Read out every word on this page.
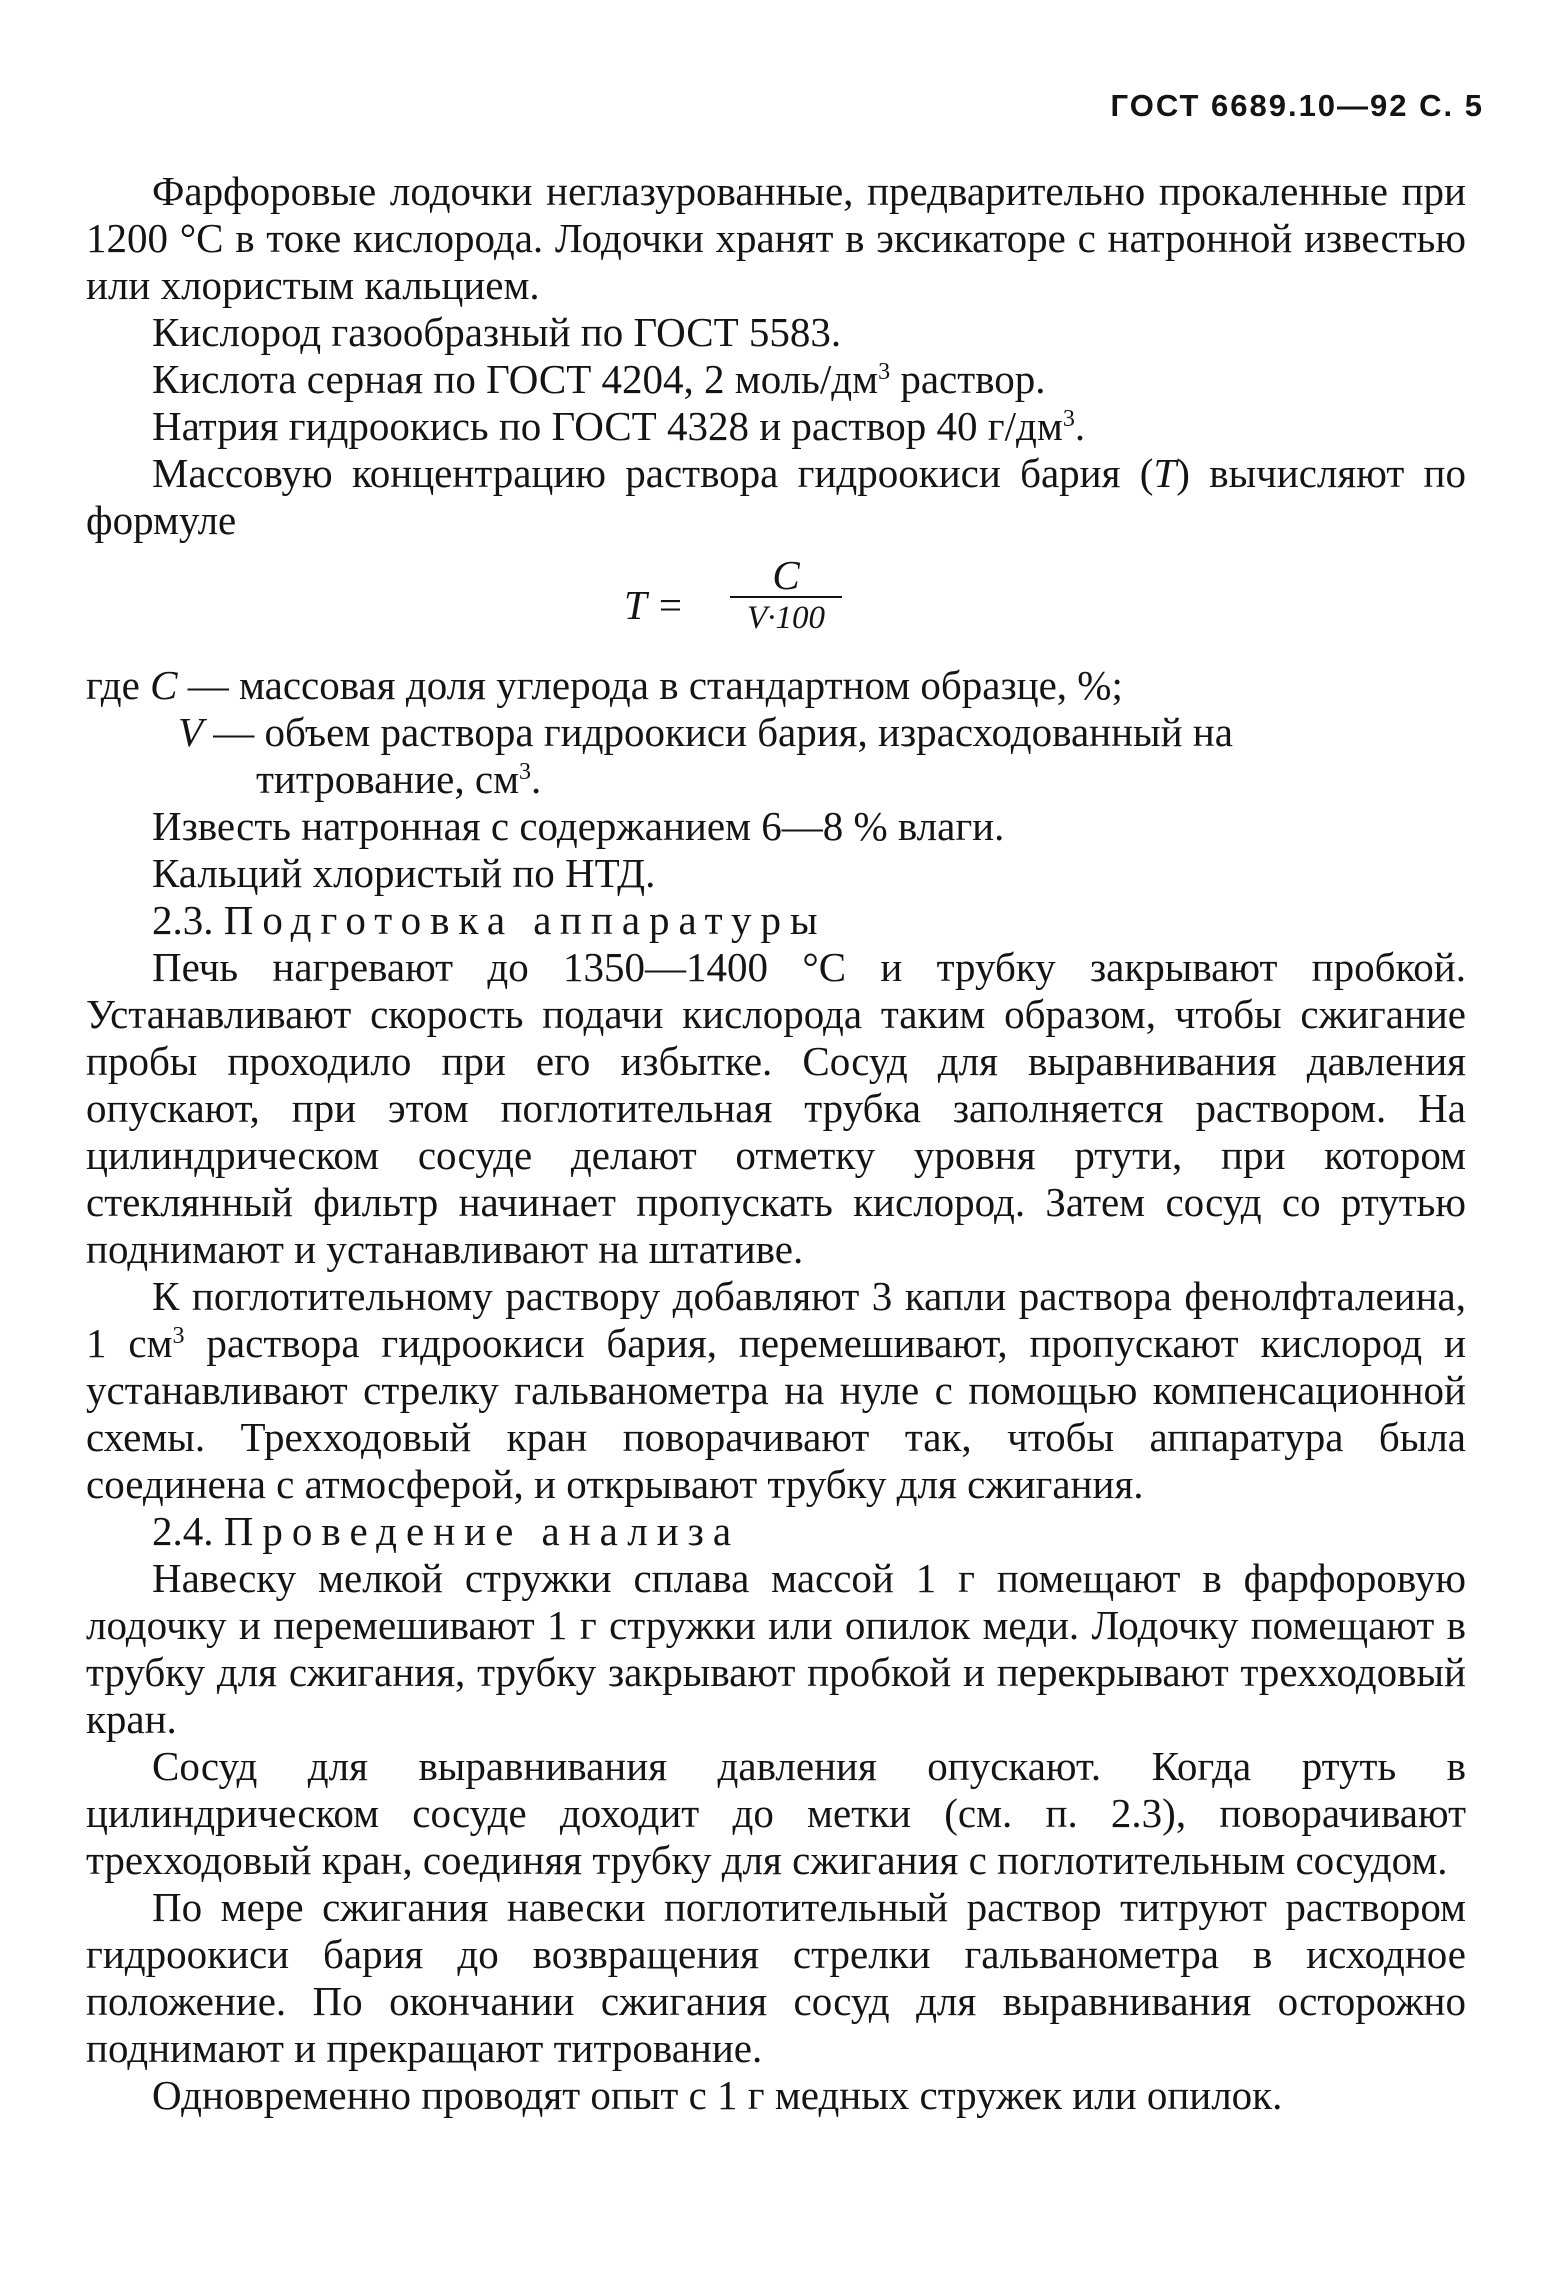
ГОСТ 6689.10—92 С. 5

Фарфоровые лодочки неглазурованные, предварительно прокаленные при 1200 °С в токе кислорода. Лодочки хранят в эксикаторе с натронной известью или хлористым кальцием.

Кислород газообразный по ГОСТ 5583.

Кислота серная по ГОСТ 4204, 2 моль/$дм^3$ раствор.

Натрия гидроокись по ГОСТ 4328 и раствор 40 $г/дм^3$.

Массовую концентрацию раствора гидроокиси бария (T) вычисляют по формуле

T =
C
V·100

где C — массовая доля углерода в стандартном образце, %;

V — объем раствора гидроокиси бария, израсходованный на

титрование, $см^3$.

Известь натронная с содержанием 6—8 % влаги.

Кальций хлористый по НТД.

2.3. Подготовка аппаратуры

Печь нагревают до 1350—1400 °С и трубку закрывают пробкой. Устанавливают скорость подачи кислорода таким образом, чтобы сжигание пробы проходило при его избытке. Сосуд для выравнивания давления опускают, при этом поглотительная трубка заполняется раствором. На цилиндрическом сосуде делают отметку уровня ртути, при котором стеклянный фильтр начинает пропускать кислород. Затем сосуд со ртутью поднимают и устанавливают на штативе.

К поглотительному раствору добавляют 3 капли раствора фенолфталеина, 1 $см^3$ раствора гидроокиси бария, перемешивают, пропускают кислород и устанавливают стрелку гальванометра на нуле с помощью компенсационной схемы. Трехходовый кран поворачивают так, чтобы аппаратура была соединена с атмосферой, и открывают трубку для сжигания.

2.4. Проведение анализа

Навеску мелкой стружки сплава массой 1 г помещают в фарфоровую лодочку и перемешивают 1 г стружки или опилок меди. Лодочку помещают в трубку для сжигания, трубку закрывают пробкой и перекрывают трехходовый кран.

Сосуд для выравнивания давления опускают. Когда ртуть в цилиндрическом сосуде доходит до метки (см. п. 2.3), поворачивают трехходовый кран, соединяя трубку для сжигания с поглотительным сосудом.

По мере сжигания навески поглотительный раствор титруют раствором гидроокиси бария до возвращения стрелки гальванометра в исходное положение. По окончании сжигания сосуд для выравнивания осторожно поднимают и прекращают титрование.

Одновременно проводят опыт с 1 г медных стружек или опилок.
